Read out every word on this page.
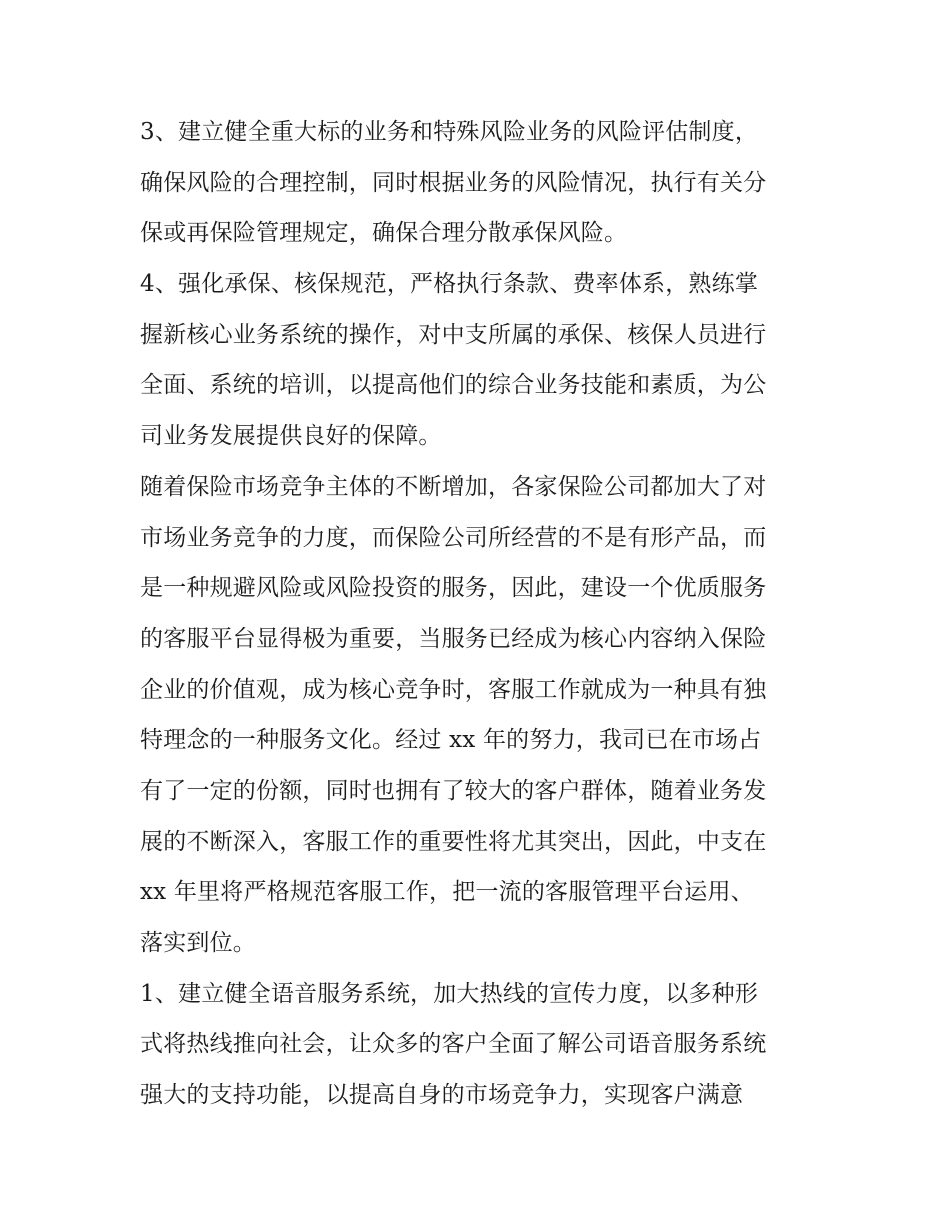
3、建立健全重大标的业务和特殊风险业务的风险评估制度，
确保风险的合理控制，同时根据业务的风险情况，执行有关分
保或再保险管理规定，确保合理分散承保风险。
4、强化承保、核保规范，严格执行条款、费率体系，熟练掌
握新核心业务系统的操作，对中支所属的承保、核保人员进行
全面、系统的培训，以提高他们的综合业务技能和素质，为公
司业务发展提供良好的保障。
随着保险市场竞争主体的不断增加，各家保险公司都加大了对
市场业务竞争的力度，而保险公司所经营的不是有形产品，而
是一种规避风险或风险投资的服务，因此，建设一个优质服务
的客服平台显得极为重要，当服务已经成为核心内容纳入保险
企业的价值观，成为核心竞争时，客服工作就成为一种具有独
特理念的一种服务文化。经过 xx 年的努力，我司已在市场占
有了一定的份额，同时也拥有了较大的客户群体，随着业务发
展的不断深入，客服工作的重要性将尤其突出，因此，中支在
xx 年里将严格规范客服工作，把一流的客服管理平台运用、
落实到位。
1、建立健全语音服务系统，加大热线的宣传力度，以多种形
式将热线推向社会，让众多的客户全面了解公司语音服务系统
强大的支持功能，以提高自身的市场竞争力，实现客户满意
